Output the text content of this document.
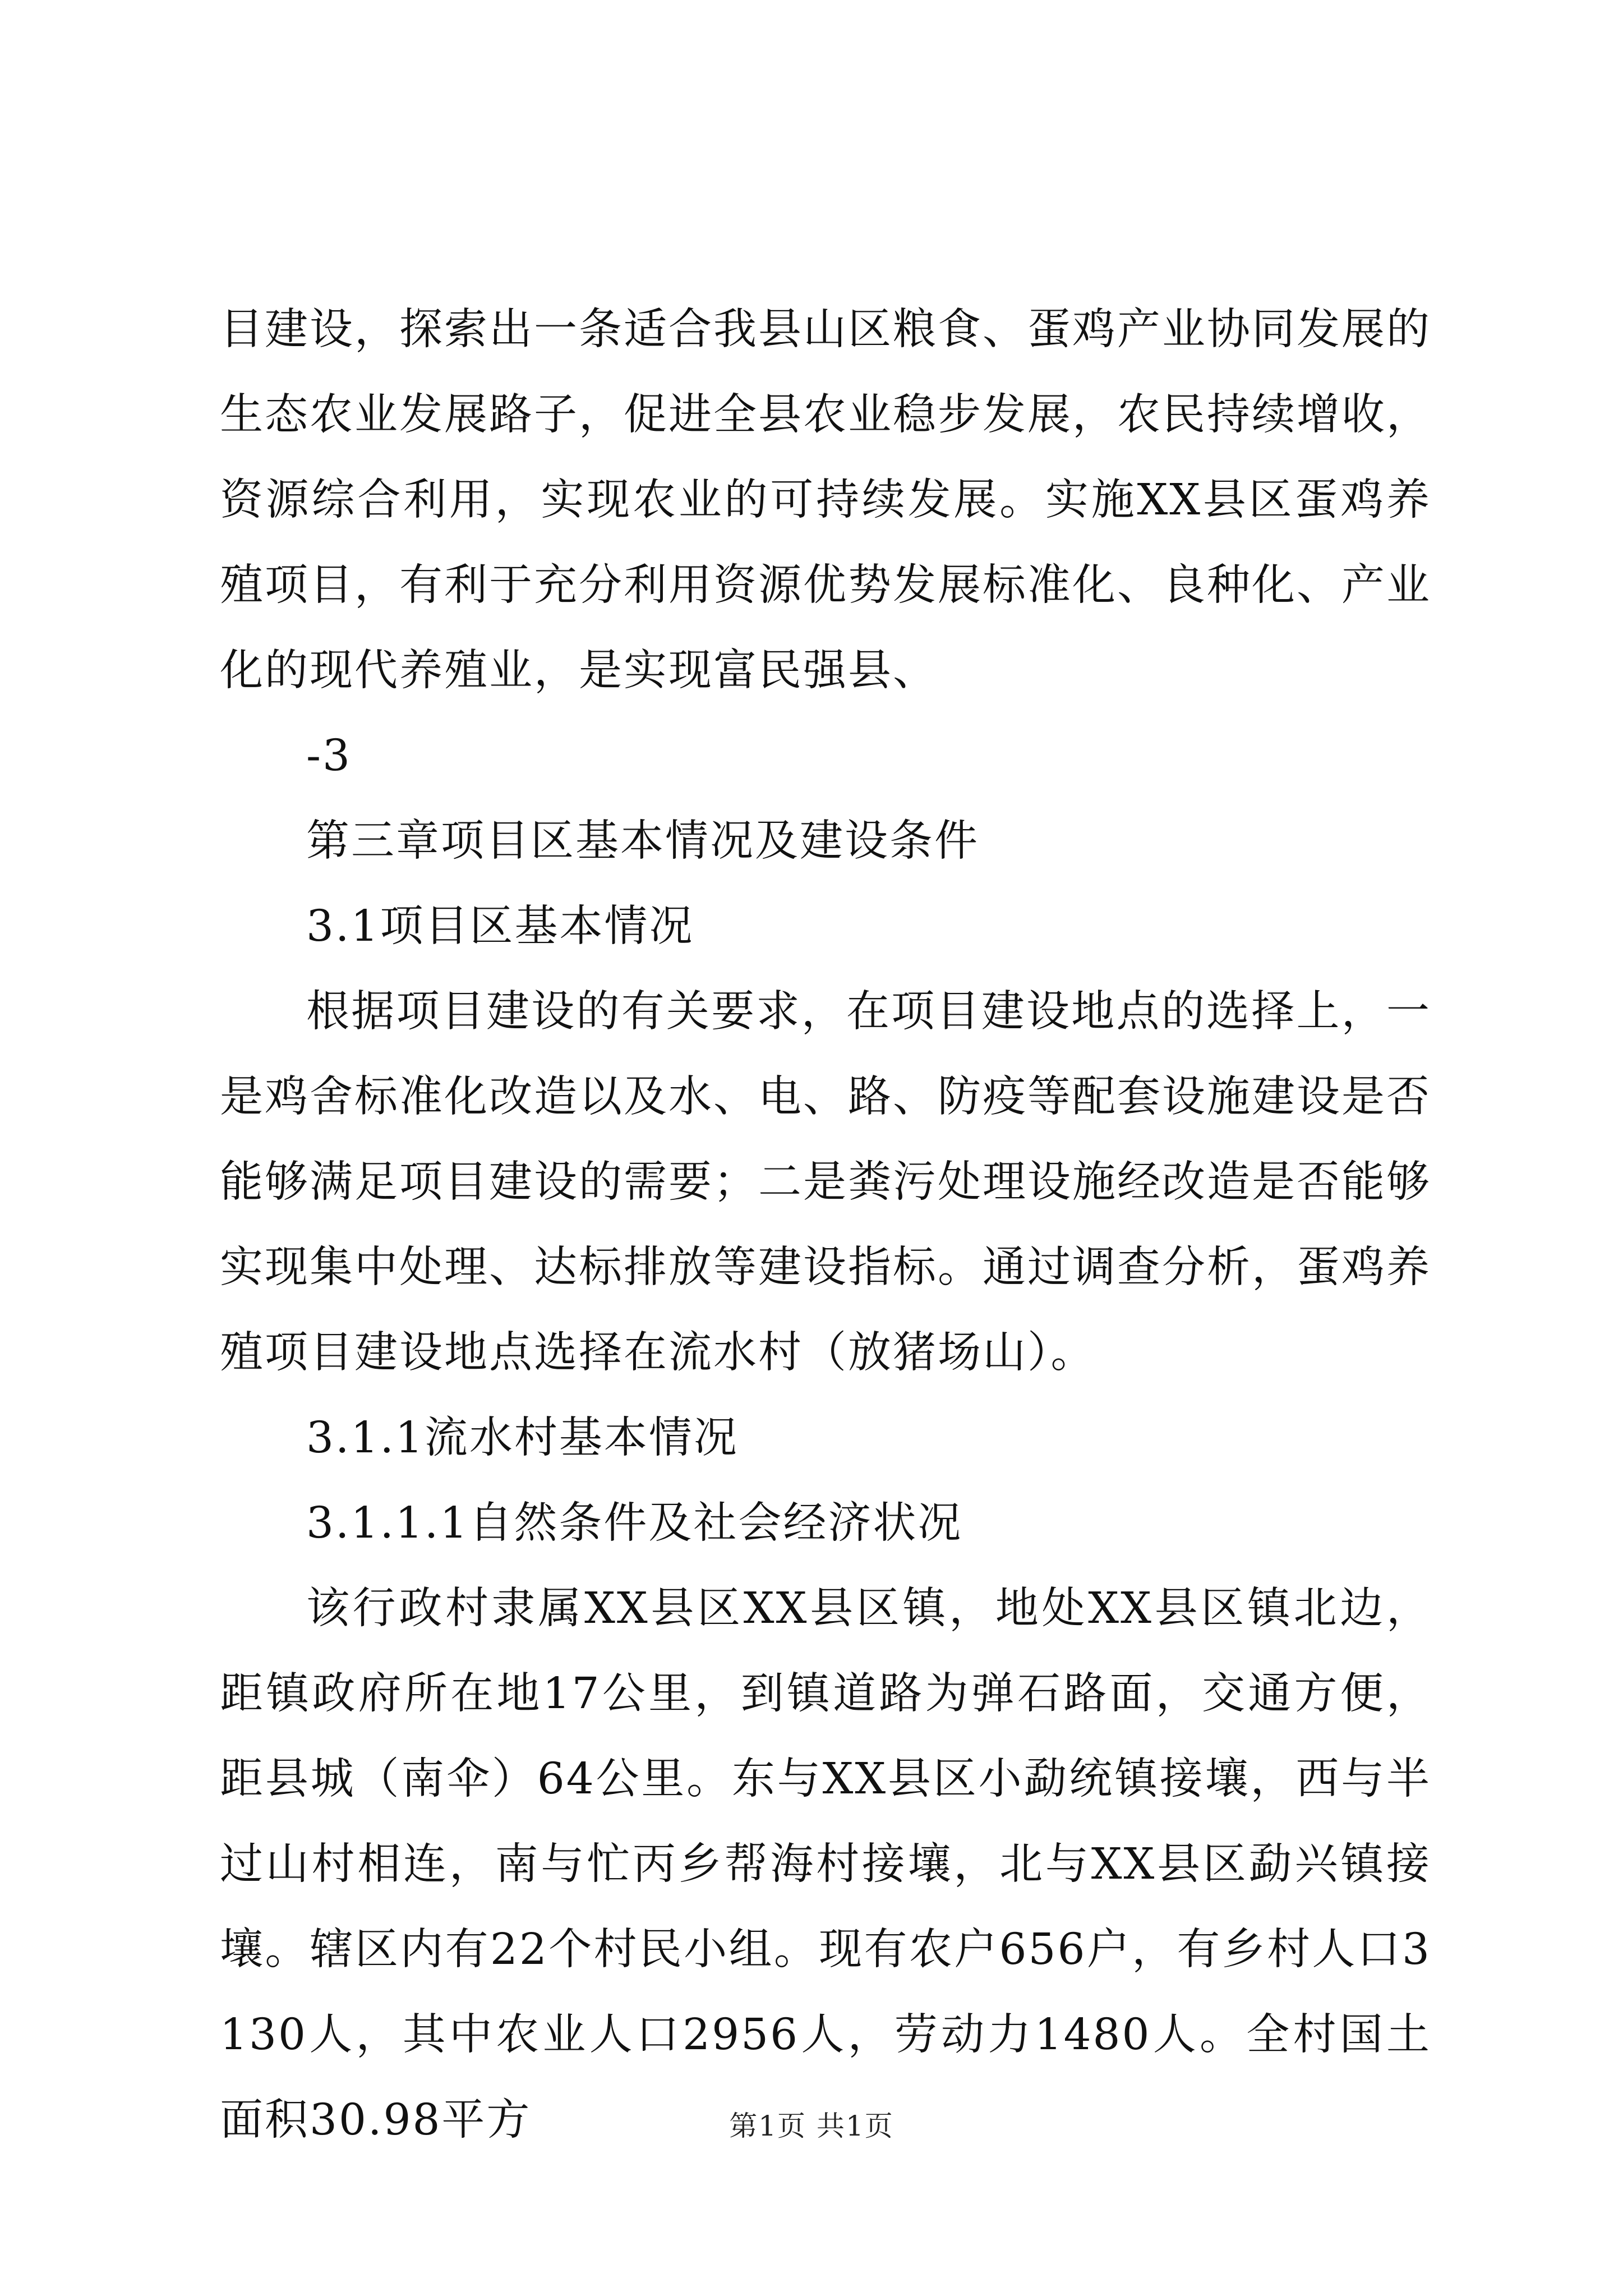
目建设，探索出一条适合我县山区粮食、蛋鸡产业协同发展的生态农业发展路子，促进全县农业稳步发展，农民持续增收，资源综合利用，实现农业的可持续发展。实施XX县区蛋鸡养殖项目，有利于充分利用资源优势发展标准化、良种化、产业化的现代养殖业，是实现富民强县、

-3

第三章项目区基本情况及建设条件

3.1项目区基本情况

根据项目建设的有关要求，在项目建设地点的选择上，一是鸡舍标准化改造以及水、电、路、防疫等配套设施建设是否能够满足项目建设的需要；二是粪污处理设施经改造是否能够实现集中处理、达标排放等建设指标。通过调查分析，蛋鸡养殖项目建设地点选择在流水村（放猪场山）。

3.1.1流水村基本情况

3.1.1.1自然条件及社会经济状况

该行政村隶属XX县区XX县区镇，地处XX县区镇北边，距镇政府所在地17公里，到镇道路为弹石路面，交通方便，距县城（南伞）64公里。东与XX县区小勐统镇接壤，西与半过山村相连，南与忙丙乡帮海村接壤，北与XX县区勐兴镇接壤。辖区内有22个村民小组。现有农户656户，有乡村人口3130人，其中农业人口2956人，劳动力1480人。全村国土面积30.98平方	第1页 共1页
